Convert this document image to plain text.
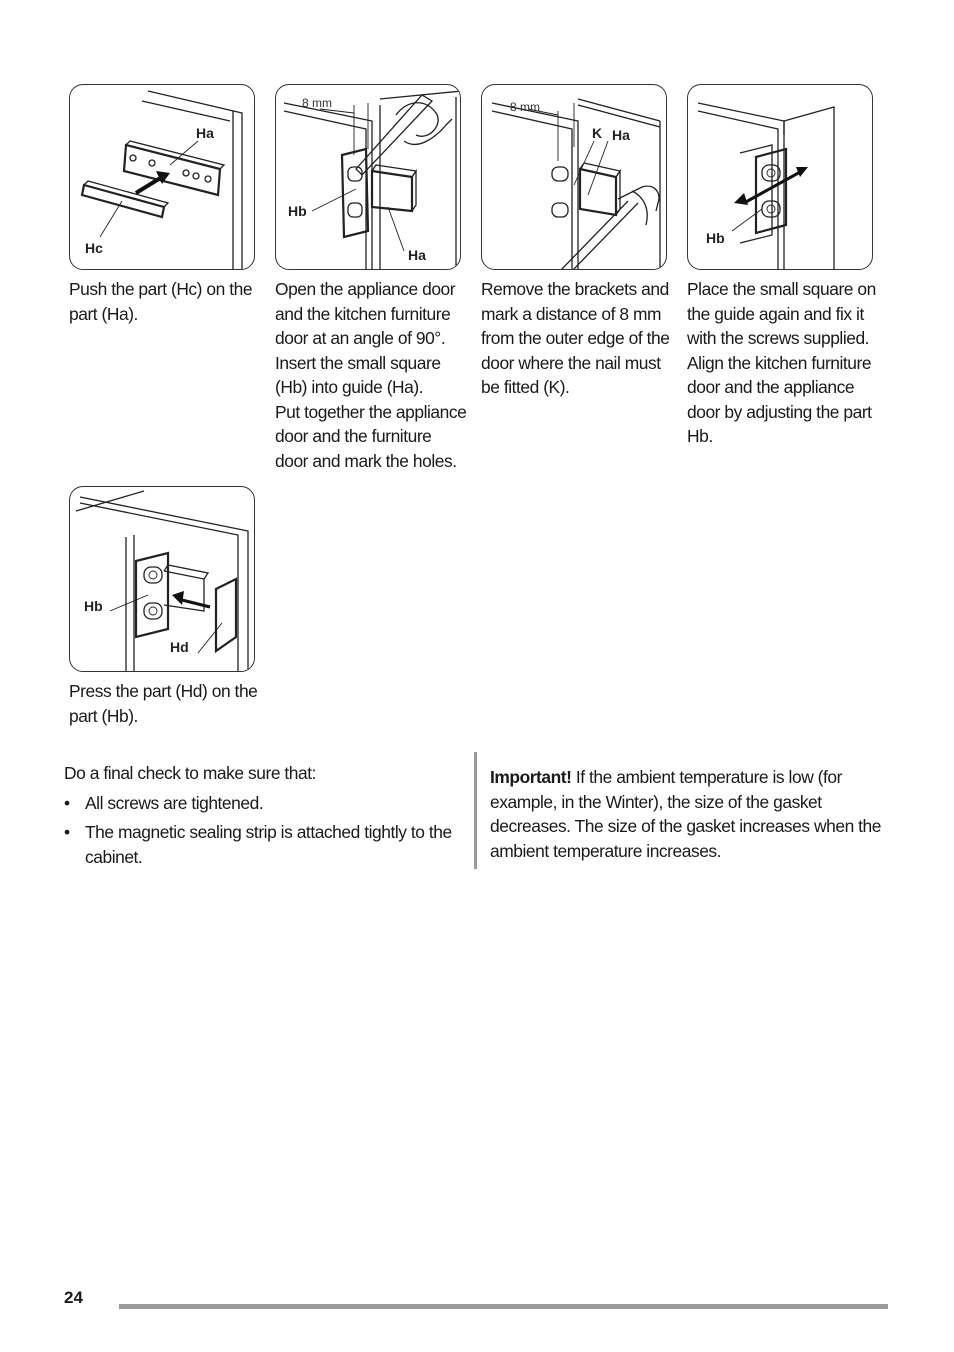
Ha
Hc

Push the part (Hc) on the
part (Ha).

8 mm
Hb
Ha

Open the appliance door
and the kitchen furniture
door at an angle of 90°.
Insert the small square
(Hb) into guide (Ha).
Put together the appliance
door and the furniture
door and mark the holes.

8 mm
K Ha

Remove the brackets and
mark a distance of 8 mm
from the outer edge of the
door where the nail must
be fitted (K).

Hb

Place the small square on
the guide again and fix it
with the screws supplied.
Align the kitchen furniture
door and the appliance
door by adjusting the part
Hb.

Hb
Hd

Press the part (Hd) on the
part (Hb).

Do a final check to make sure that:
• All screws are tightened.
• The magnetic sealing strip is attached tightly to the cabinet.
Important! If the ambient temperature is low (for example, in the Winter), the size of the gasket decreases. The size of the gasket increases when the ambient temperature increases.
24
